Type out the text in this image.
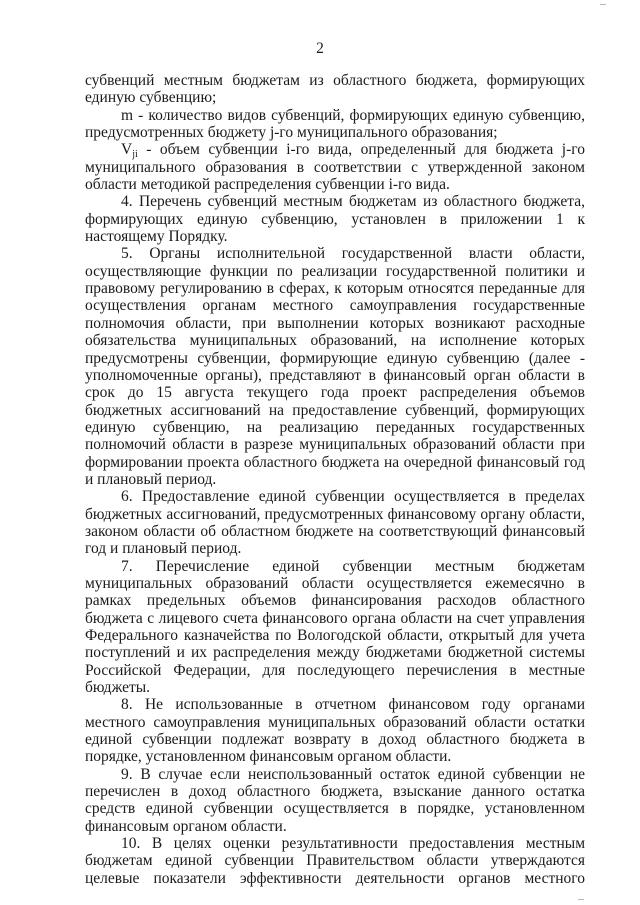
2

субвенций местным бюджетам из областного бюджета, формирующих единую субвенцию;

m - количество видов субвенций, формирующих единую субвенцию, предусмотренных бюджету j-го муниципального образования;

$V_{ji}$ - объем субвенции i-го вида, определенный для бюджета j-го муниципального образования в соответствии с утвержденной законом области методикой распределения субвенции i-го вида.

4. Перечень субвенций местным бюджетам из областного бюджета, формирующих единую субвенцию, установлен в приложении 1 к настоящему Порядку.

5. Органы исполнительной государственной власти области, осуществляющие функции по реализации государственной политики и правовому регулированию в сферах, к которым относятся переданные для осуществления органам местного самоуправления государственные полномочия области, при выполнении которых возникают расходные обязательства муниципальных образований, на исполнение которых предусмотрены субвенции, формирующие единую субвенцию (далее - уполномоченные органы), представляют в финансовый орган области в срок до 15 августа текущего года проект распределения объемов бюджетных ассигнований на предоставление субвенций, формирующих единую субвенцию, на реализацию переданных государственных полномочий области в разрезе муниципальных образований области при формировании проекта областного бюджета на очередной финансовый год и плановый период.

6. Предоставление единой субвенции осуществляется в пределах бюджетных ассигнований, предусмотренных финансовому органу области, законом области об областном бюджете на соответствующий финансовый год и плановый период.

7. Перечисление единой субвенции местным бюджетам муниципальных образований области осуществляется ежемесячно в рамках предельных объемов финансирования расходов областного бюджета с лицевого счета финансового органа области на счет управления Федерального казначейства по Вологодской области, открытый для учета поступлений и их распределения между бюджетами бюджетной системы Российской Федерации, для последующего перечисления в местные бюджеты.

8. Не использованные в отчетном финансовом году органами местного самоуправления муниципальных образований области остатки единой субвенции подлежат возврату в доход областного бюджета в порядке, установленном финансовым органом области.

9. В случае если неиспользованный остаток единой субвенции не перечислен в доход областного бюджета, взыскание данного остатка средств единой субвенции осуществляется в порядке, установленном финансовым органом области.

10. В целях оценки результативности предоставления местным бюджетам единой субвенции Правительством области утверждаются целевые показатели эффективности деятельности органов местного
